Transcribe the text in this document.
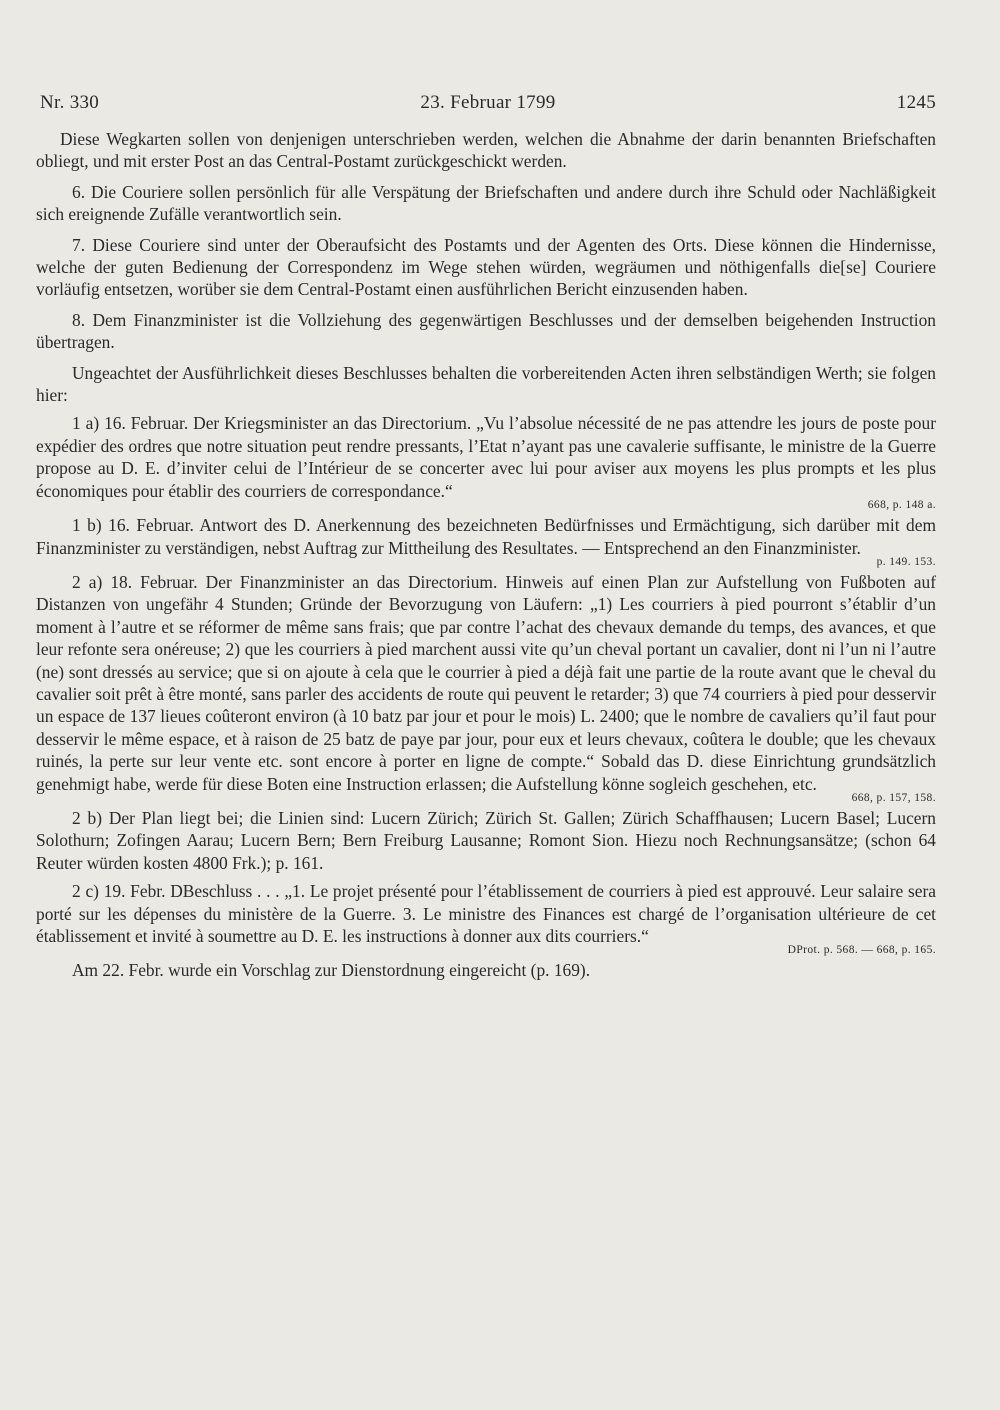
Nr. 330	23. Februar 1799	1245

Diese Wegkarten sollen von denjenigen unterschrieben werden, welchen die Abnahme der darin benannten Briefschaften obliegt, und mit erster Post an das Central-Postamt zurückgeschickt werden.

6. Die Couriere sollen persönlich für alle Verspätung der Briefschaften und andere durch ihre Schuld oder Nachläßigkeit sich ereignende Zufälle verantwortlich sein.

7. Diese Couriere sind unter der Oberaufsicht des Postamts und der Agenten des Orts. Diese können die Hindernisse, welche der guten Bedienung der Correspondenz im Wege stehen würden, wegräumen und nöthigenfalls die[se] Couriere vorläufig entsetzen, worüber sie dem Central-Postamt einen ausführlichen Bericht einzusenden haben.

8. Dem Finanzminister ist die Vollziehung des gegenwärtigen Beschlusses und der demselben beigehenden Instruction übertragen.

Ungeachtet der Ausführlichkeit dieses Beschlusses behalten die vorbereitenden Acten ihren selbständigen Werth; sie folgen hier:

1 a) 16. Februar. Der Kriegsminister an das Directorium. „Vu l’absolue nécessité de ne pas attendre les jours de poste pour expédier des ordres que notre situation peut rendre pressants, l’Etat n’ayant pas une cavalerie suffisante, le ministre de la Guerre propose au D. E. d’inviter celui de l’Intérieur de se concerter avec lui pour aviser aux moyens les plus prompts et les plus économiques pour établir des courriers de correspondance.“

668, p. 148 a.

1 b) 16. Februar. Antwort des D. Anerkennung des bezeichneten Bedürfnisses und Ermächtigung, sich darüber mit dem Finanzminister zu verständigen, nebst Auftrag zur Mittheilung des Resultates. — Entsprechend an den Finanzminister.

p. 149. 153.

2 a) 18. Februar. Der Finanzminister an das Directorium. Hinweis auf einen Plan zur Aufstellung von Fußboten auf Distanzen von ungefähr 4 Stunden; Gründe der Bevorzugung von Läufern: „1) Les courriers à pied pourront s’établir d’un moment à l’autre et se réformer de même sans frais; que par contre l’achat des chevaux demande du temps, des avances, et que leur refonte sera onéreuse; 2) que les courriers à pied marchent aussi vite qu’un cheval portant un cavalier, dont ni l’un ni l’autre (ne) sont dressés au service; que si on ajoute à cela que le courrier à pied a déjà fait une partie de la route avant que le cheval du cavalier soit prêt à être monté, sans parler des accidents de route qui peuvent le retarder; 3) que 74 courriers à pied pour desservir un espace de 137 lieues coûteront environ (à 10 batz par jour et pour le mois) L. 2400; que le nombre de cavaliers qu’il faut pour desservir le même espace, et à raison de 25 batz de paye par jour, pour eux et leurs chevaux, coûtera le double; que les chevaux ruinés, la perte sur leur vente etc. sont encore à porter en ligne de compte.“ Sobald das D. diese Einrichtung grundsätzlich genehmigt habe, werde für diese Boten eine Instruction erlassen; die Aufstellung könne sogleich geschehen, etc.

668, p. 157, 158.

2 b) Der Plan liegt bei; die Linien sind: Lucern Zürich; Zürich St. Gallen; Zürich Schaffhausen; Lucern Basel; Lucern Solothurn; Zofingen Aarau; Lucern Bern; Bern Freiburg Lausanne; Romont Sion. Hiezu noch Rechnungsansätze; (schon 64 Reuter würden kosten 4800 Frk.); p. 161.

2 c) 19. Febr. DBeschluss . . . „1. Le projet présenté pour l’établissement de courriers à pied est approuvé. Leur salaire sera porté sur les dépenses du ministère de la Guerre. 3. Le ministre des Finances est chargé de l’organisation ultérieure de cet établissement et invité à soumettre au D. E. les instructions à donner aux dits courriers.“

DProt. p. 568. — 668, p. 165.

Am 22. Febr. wurde ein Vorschlag zur Dienstordnung eingereicht (p. 169).
